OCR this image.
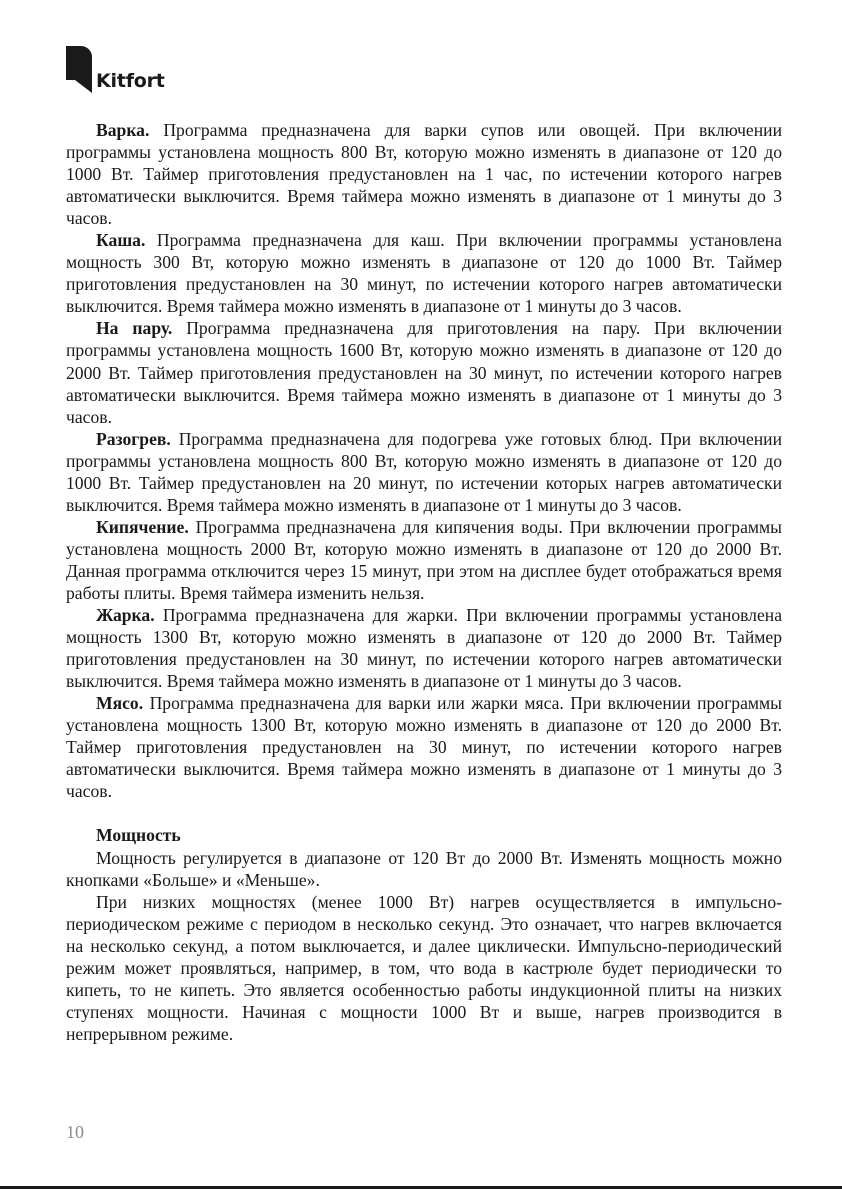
Kitfort

Варка. Программа предназначена для варки супов или овощей. При включении программы установлена мощность 800 Вт, которую можно изменять в диапазоне от 120 до 1000 Вт. Таймер приготовления предустановлен на 1 час, по истечении которого нагрев автоматически выключится. Время таймера можно изменять в диапазоне от 1 минуты до 3 часов.

Каша. Программа предназначена для каш. При включении программы установлена мощность 300 Вт, которую можно изменять в диапазоне от 120 до 1000 Вт. Таймер приготовления предустановлен на 30 минут, по истечении которого нагрев автоматически выключится. Время таймера можно изменять в диапазоне от 1 минуты до 3 часов.

На пару. Программа предназначена для приготовления на пару. При включении программы установлена мощность 1600 Вт, которую можно изменять в диапазоне от 120 до 2000 Вт. Таймер приготовления предустановлен на 30 минут, по истечении которого нагрев автоматически выключится. Время таймера можно изменять в диапазоне от 1 минуты до 3 часов.

Разогрев. Программа предназначена для подогрева уже готовых блюд. При включении программы установлена мощность 800 Вт, которую можно изменять в диапазоне от 120 до 1000 Вт. Таймер предустановлен на 20 минут, по истечении которых нагрев автоматически выключится. Время таймера можно изменять в диапазоне от 1 минуты до 3 часов.

Кипячение. Программа предназначена для кипячения воды. При включении программы установлена мощность 2000 Вт, которую можно изменять в диапазоне от 120 до 2000 Вт. Данная программа отключится через 15 минут, при этом на дисплее будет отображаться время работы плиты. Время таймера изменить нельзя.

Жарка. Программа предназначена для жарки. При включении программы установлена мощность 1300 Вт, которую можно изменять в диапазоне от 120 до 2000 Вт. Таймер приготовления предустановлен на 30 минут, по истечении которого нагрев автоматически выключится. Время таймера можно изменять в диапазоне от 1 минуты до 3 часов.

Мясо. Программа предназначена для варки или жарки мяса. При включении программы установлена мощность 1300 Вт, которую можно изменять в диапазоне от 120 до 2000 Вт. Таймер приготовления предустановлен на 30 минут, по истечении которого нагрев автоматически выключится. Время таймера можно изменять в диапазоне от 1 минуты до 3 часов.

Мощность

Мощность регулируется в диапазоне от 120 Вт до 2000 Вт. Изменять мощность можно кнопками «Больше» и «Меньше».

При низких мощностях (менее 1000 Вт) нагрев осуществляется в импульсно-периодическом режиме с периодом в несколько секунд. Это означает, что нагрев включается на несколько секунд, а потом выключается, и далее циклически. Импульсно-периодический режим может проявляться, например, в том, что вода в кастрюле будет периодически то кипеть, то не кипеть. Это является особенностью работы индукционной плиты на низких ступенях мощности. Начиная с мощности 1000 Вт и выше, нагрев производится в непрерывном режиме.

10
